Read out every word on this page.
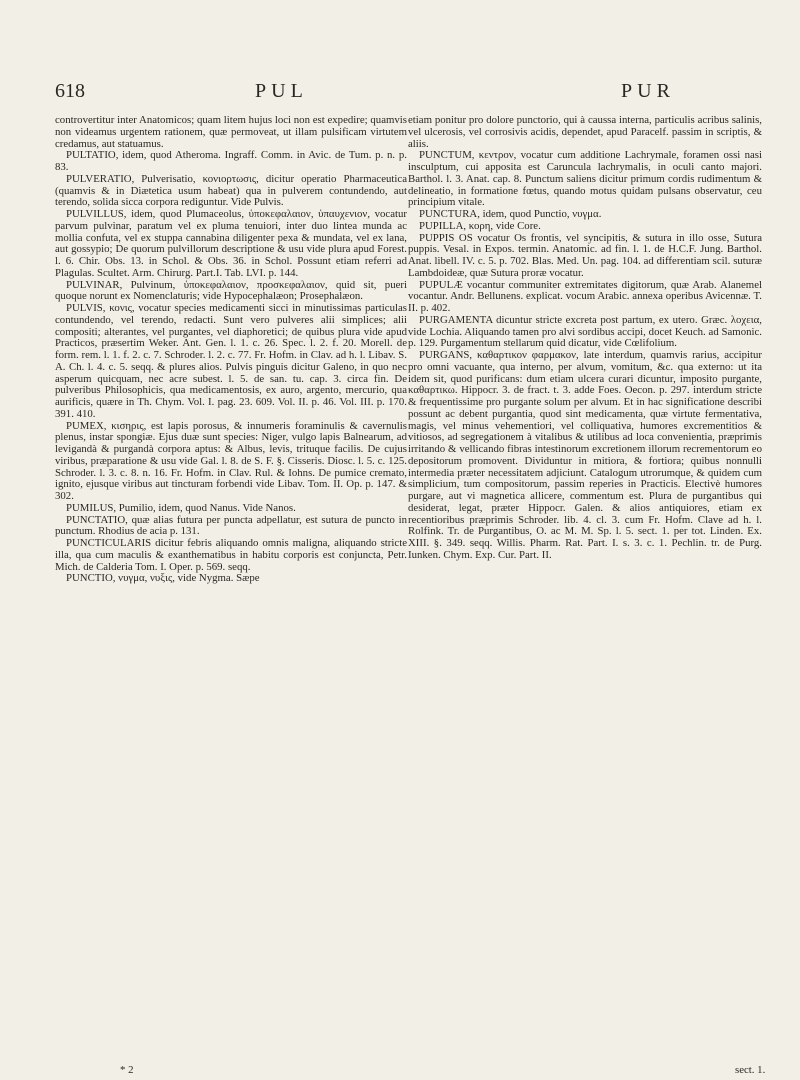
618	PUL	PUR

controvertitur inter Anatomicos; quam litem hujus loci non est expedire; quamvis non videamus urgentem rationem, quæ permoveat, ut illam pulsificam virtutem credamus, aut statuamus.

PULTATIO, idem, quod Atheroma. Ingraff. Comm. in Avic. de Tum. p. n. p. 83.

PULVERATIO, Pulverisatio, κονιορτωσις, dicitur operatio Pharmaceutica (quamvis & in Diætetica usum habeat) qua in pulverem contundendo, aut terendo, solida sicca corpora rediguntur. Vide Pulvis.

PULVILLUS, idem, quod Plumaceolus, ὑποκεφαλαιον, ὑπαυχενιον, vocatur parvum pulvinar, paratum vel ex pluma tenuiori, inter duo lintea munda ac mollia confuta, vel ex stuppa cannabina diligenter pexa & mundata, vel ex lana, aut gossypio; De quorum pulvillorum descriptione & usu vide plura apud Forest. l. 6. Chir. Obs. 13. in Schol. & Obs. 36. in Schol. Possunt etiam referri ad Plagulas. Scultet. Arm. Chirurg. Part.I. Tab. LVI. p. 144.

PULVINAR, Pulvinum, ὑποκεφαλαιον, προσκεφαλαιον, quid sit, pueri quoque norunt ex Nomenclaturis; vide Hypocephalæon; Prosephalæon.

PULVIS, κονις, vocatur species medicamenti sicci in minutissimas particulas contundendo, vel terendo, redacti. Sunt vero pulveres alii simplices; alii compositi; alterantes, vel purgantes, vel diaphoretici; de quibus plura vide apud Practicos, præsertim Weker. Ant. Gen. l. 1. c. 26. Spec. l. 2. f. 20. Morell. de form. rem. l. 1. f. 2. c. 7. Schroder. l. 2. c. 77. Fr. Hofm. in Clav. ad h. l. Libav. S. A. Ch. l. 4. c. 5. seqq. & plures alios. Pulvis pinguis dicitur Galeno, in quo nec asperum quicquam, nec acre subest. l. 5. de san. tu. cap. 3. circa fin. De pulveribus Philosophicis, qua medicamentosis, ex auro, argento, mercurio, qua aurificis, quære in Th. Chym. Vol. I. pag. 23. 609. Vol. II. p. 46. Vol. III. p. 170. 391. 410.

PUMEX, κισηρις, est lapis porosus, & innumeris foraminulis & cavernulis plenus, instar spongiæ. Ejus duæ sunt species: Niger, vulgo lapis Balnearum, ad levigandà & purgandà corpora aptus: & Albus, levis, trituque facilis. De cujus viribus, præparatione & usu vide Gal. l. 8. de S. F. §. Cisseris. Diosc. l. 5. c. 125. Schroder. l. 3. c. 8. n. 16. Fr. Hofm. in Clav. Rul. & Iohns. De pumice cremato, ignito, ejusque viribus aut tincturam forbendi vide Libav. Tom. II. Op. p. 147. & 302.

PUMILUS, Pumilio, idem, quod Nanus. Vide Nanos.

PUNCTATIO, quæ alias futura per puncta adpellatur, est sutura de puncto in punctum. Rhodius de acia p. 131.

PUNCTICULARIS dicitur febris aliquando omnis maligna, aliquando stricte illa, qua cum maculis & exanthematibus in habitu corporis est conjuncta, Petr. Mich. de Calderia Tom. I. Oper. p. 569. seqq.

PUNCTIO, νυγμα, νυξις, vide Nygma. Sæpe

etiam ponitur pro dolore punctorio, qui à caussa interna, particulis acribus salinis, vel ulcerosis, vel corrosivis acidis, dependet, apud Paracelf. passim in scriptis, & aliis.

PUNCTUM, κεντρον, vocatur cum additione Lachrymale, foramen ossi nasi insculptum, cui apposita est Caruncula lachrymalis, in oculi canto majori. Barthol. l. 3. Anat. cap. 8. Punctum saliens dicitur primum cordis rudimentum & delineatio, in formatione fœtus, quando motus quidam pulsans observatur, ceu principium vitale.

PUNCTURA, idem, quod Punctio, νυγμα.

PUPILLA, κορη, vide Core.

PUPPIS OS vocatur Os frontis, vel syncipitis, & sutura in illo osse, Sutura puppis. Vesal. in Expos. termin. Anatomic. ad fin. l. 1. de H.C.F. Jung. Barthol. Anat. libell. IV. c. 5. p. 702. Blas. Med. Un. pag. 104. ad differentiam scil. suturæ Lambdoideæ, quæ Sutura proræ vocatur.

PUPULÆ vocantur communiter extremitates digitorum, quæ Arab. Alanemel vocantur. Andr. Bellunens. explicat. vocum Arabic. annexa operibus Avicennæ. T. II. p. 402.

PURGAMENTA dicuntur stricte excreta post partum, ex utero. Græc. λοχεια, vide Lochia. Aliquando tamen pro alvi sordibus accipi, docet Keuch. ad Samonic. p. 129. Purgamentum stellarum quid dicatur, vide Cœlifolium.

PURGANS, καθαρτικον φαρμακον, late interdum, quamvis rarius, accipitur pro omni vacuante, qua interno, per alvum, vomitum, &c. qua externo: ut ita idem sit, quod purificans: dum etiam ulcera curari dicuntur, imposito purgante, καθαρτικω. Hippocr. 3. de fract. t. 3. adde Foes. Oecon. p. 297. interdum stricte & frequentissime pro purgante solum per alvum. Et in hac significatione describi possunt ac debent purgantia, quod sint medicamenta, quæ virtute fermentativa, magis, vel minus vehementiori, vel colliquativa, humores excrementitios & vitiosos, ad segregationem à vitalibus & utilibus ad loca convenientia, præprimis irritando & vellicando fibras intestinorum excretionem illorum recrementorum eo depositorum promovent. Dividuntur in mitiora, & fortiora; quibus nonnulli intermedia præter necessitatem adjiciunt. Catalogum utrorumque, & quidem cum simplicium, tum compositorum, passim reperies in Practicis. Electivè humores purgare, aut vi magnetica allicere, commentum est. Plura de purgantibus qui desiderat, legat, præter Hippocr. Galen. & alios antiquiores, etiam ex recentioribus præprimis Schroder. lib. 4. cl. 3. cum Fr. Hofm. Clave ad h. l. Rolfink. Tr. de Purgantibus, O. ac M. M. Sp. l. 5. sect. 1. per tot. Linden. Ex. XIII. §. 349. seqq. Willis. Pharm. Rat. Part. I. s. 3. c. 1. Pechlin. tr. de Purg. Iunken. Chym. Exp. Cur. Part. II.

* 2	sect. 1.
